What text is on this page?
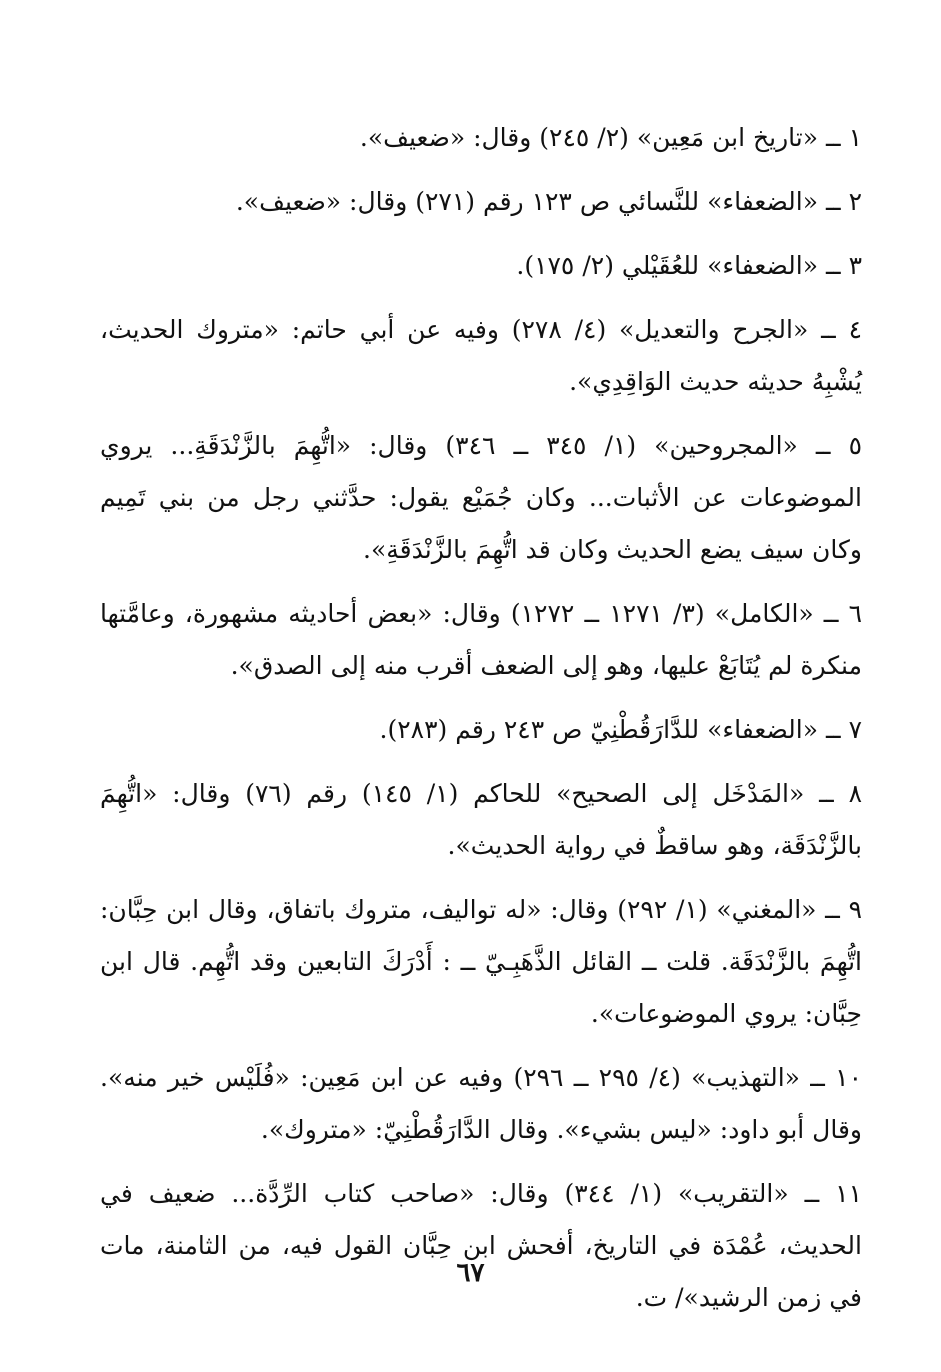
١ ــ «تاريخ ابن مَعِين» (٢/ ٢٤٥) وقال: «ضعيف».

٢ ــ «الضعفاء» للنَّسائي ص ١٢٣ رقم (٢٧١) وقال: «ضعيف».

٣ ــ «الضعفاء» للعُقَيْلي (٢/ ١٧٥).

٤ ــ «الجرح والتعديل» (٤/ ٢٧٨) وفيه عن أبي حاتم: «متروك الحديث، يُشْبِهُ حديثه حديث الوَاقِدِي».

٥ ــ «المجروحين» (١/ ٣٤٥ ــ ٣٤٦) وقال: «اتُّهِمَ بالزَّنْدَقَةِ... يروي الموضوعات عن الأثبات... وكان جُمَيْع يقول: حدَّثني رجل من بني تَمِيم وكان سيف يضع الحديث وكان قد اتُّهِمَ بالزَّنْدَقَةِ».

٦ ــ «الكامل» (٣/ ١٢٧١ ــ ١٢٧٢) وقال: «بعض أحاديثه مشهورة، وعامَّتها منكرة لم يُتَابَعْ عليها، وهو إلى الضعف أقرب منه إلى الصدق».

٧ ــ «الضعفاء» للدَّارَقُطْنِيّ ص ٢٤٣ رقم (٢٨٣).

٨ ــ «المَدْخَل إلى الصحيح» للحاكم (١/ ١٤٥) رقم (٧٦) وقال: «اتُّهِمَ بالزَّنْدَقَة، وهو ساقطٌ في رواية الحديث».

٩ ــ «المغني» (١/ ٢٩٢) وقال: «له تواليف، متروك باتفاق، وقال ابن حِبَّان: اتُّهِمَ بالزَّنْدَقَة. قلت ــ القائل الذَّهَبِـيّ ــ : أَدْرَكَ التابعين وقد اتُّهِم. قال ابن حِبَّان: يروي الموضوعات».

١٠ ــ «التهذيب» (٤/ ٢٩٥ ــ ٢٩٦) وفيه عن ابن مَعِين: «فُلَيْس خير منه». وقال أبو داود: «ليس بشيء». وقال الدَّارَقُطْنِيّ: «متروك».

١١ ــ «التقريب» (١/ ٣٤٤) وقال: «صاحب كتاب الرِّدَّة... ضعيف في الحديث، عُمْدَة في التاريخ، أفحش ابن حِبَّان القول فيه، من الثامنة، مات في زمن الرشيد»/ ت.

٦٧
